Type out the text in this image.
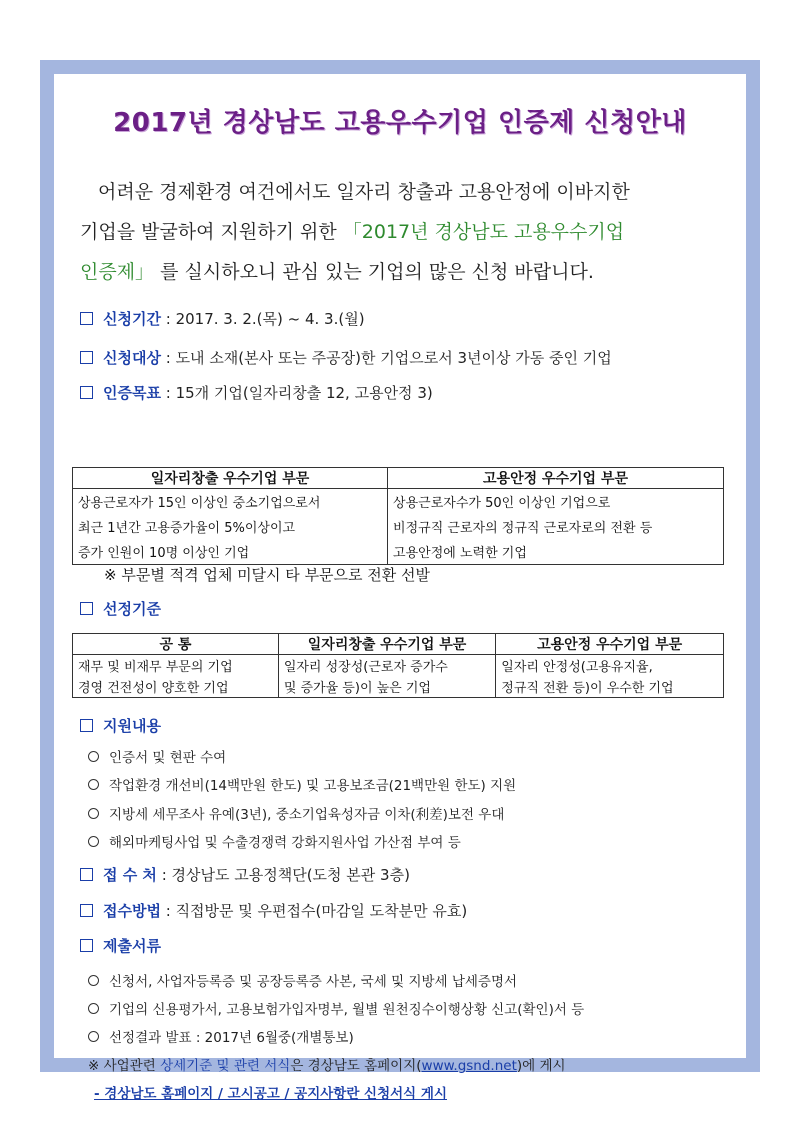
2017년 경상남도 고용우수기업 인증제 신청안내
어려운 경제환경 여건에서도 일자리 창출과 고용안정에 이바지한
기업을 발굴하여 지원하기 위한 「2017년 경상남도 고용우수기업
인증제」 를 실시하오니 관심 있는 기업의 많은 신청 바랍니다.
신청기간 : 2017. 3. 2.(목) ~ 4. 3.(월)
신청대상 : 도내 소재(본사 또는 주공장)한 기업으로서 3년이상 가동 중인 기업
인증목표 : 15개 기업(일자리창출 12, 고용안정 3)
일자리창출 우수기업 부문	고용안정 우수기업 부문
상용근로자가 15인 이상인 중소기업으로서	상용근로자수가 50인 이상인 기업으로
최근 1년간 고용증가율이 5%이상이고	비정규직 근로자의 정규직 근로자로의 전환 등
증가 인원이 10명 이상인 기업	고용안정에 노력한 기업
※ 부문별 적격 업체 미달시 타 부문으로 전환 선발
선정기준
공 통	일자리창출 우수기업 부문	고용안정 우수기업 부문
재무 및 비재무 부문의 기업	일자리 성장성(근로자 증가수	일자리 안정성(고용유지율,
경영 건전성이 양호한 기업	및 증가율 등)이 높은 기업	정규직 전환 등)이 우수한 기업
지원내용
인증서 및 현판 수여
작업환경 개선비(14백만원 한도) 및 고용보조금(21백만원 한도) 지원
지방세 세무조사 유예(3년), 중소기업육성자금 이차(利差)보전 우대
해외마케팅사업 및 수출경쟁력 강화지원사업 가산점 부여 등
접 수 처 : 경상남도 고용정책단(도청 본관 3층)
접수방법 : 직접방문 및 우편접수(마감일 도착분만 유효)
제출서류
신청서, 사업자등록증 및 공장등록증 사본, 국세 및 지방세 납세증명서
기업의 신용평가서, 고용보험가입자명부, 월별 원천징수이행상황 신고(확인)서 등
선정결과 발표 : 2017년 6월중(개별통보)
※ 사업관련 상세기준 및 관련 서식은 경상남도 홈페이지(www.gsnd.net)에 게시
- 경상남도 홈페이지 / 고시공고 / 공지사항란 신청서식 게시
